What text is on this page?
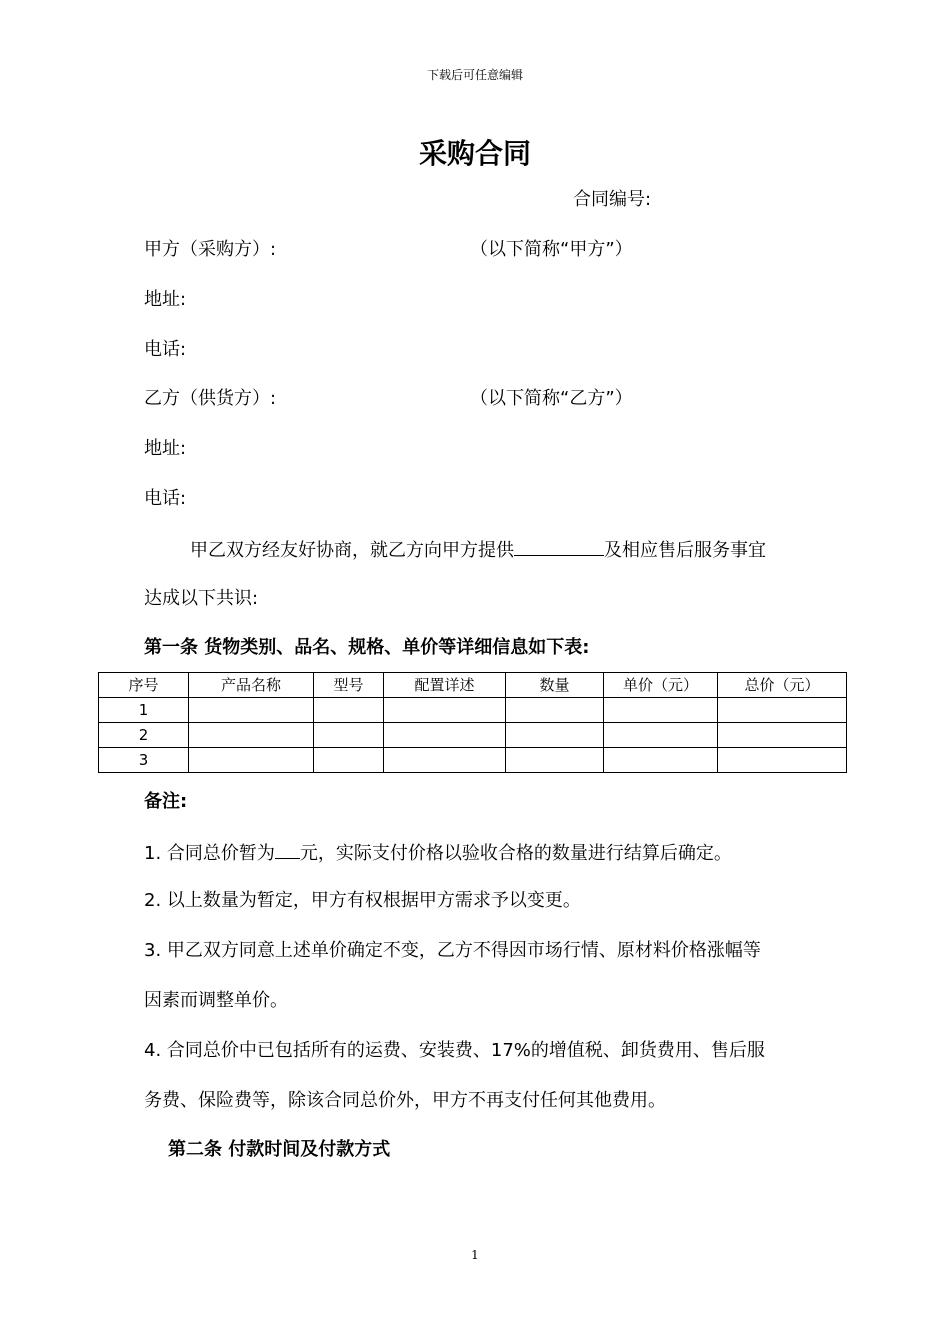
下载后可任意编辑
采购合同
合同编号:
甲方（采购方）:	（以下简称“甲方”）
地址:
电话:
乙方（供货方）:	（以下简称“乙方”）
地址:
电话:
甲乙双方经友好协商，就乙方向甲方提供	及相应售后服务事宜
达成以下共识:
第一条 货物类别、品名、规格、单价等详细信息如下表:
序号	产品名称	型号	配置详述	数量	单价（元）	总价（元）
1						
2						
3						
备注:
1. 合同总价暂为 元，实际支付价格以验收合格的数量进行结算后确定。
2. 以上数量为暂定，甲方有权根据甲方需求予以变更。
3. 甲乙双方同意上述单价确定不变，乙方不得因市场行情、原材料价格涨幅等
因素而调整单价。
4. 合同总价中已包括所有的运费、安装费、17%的增值税、卸货费用、售后服
务费、保险费等，除该合同总价外，甲方不再支付任何其他费用。
第二条 付款时间及付款方式
1
